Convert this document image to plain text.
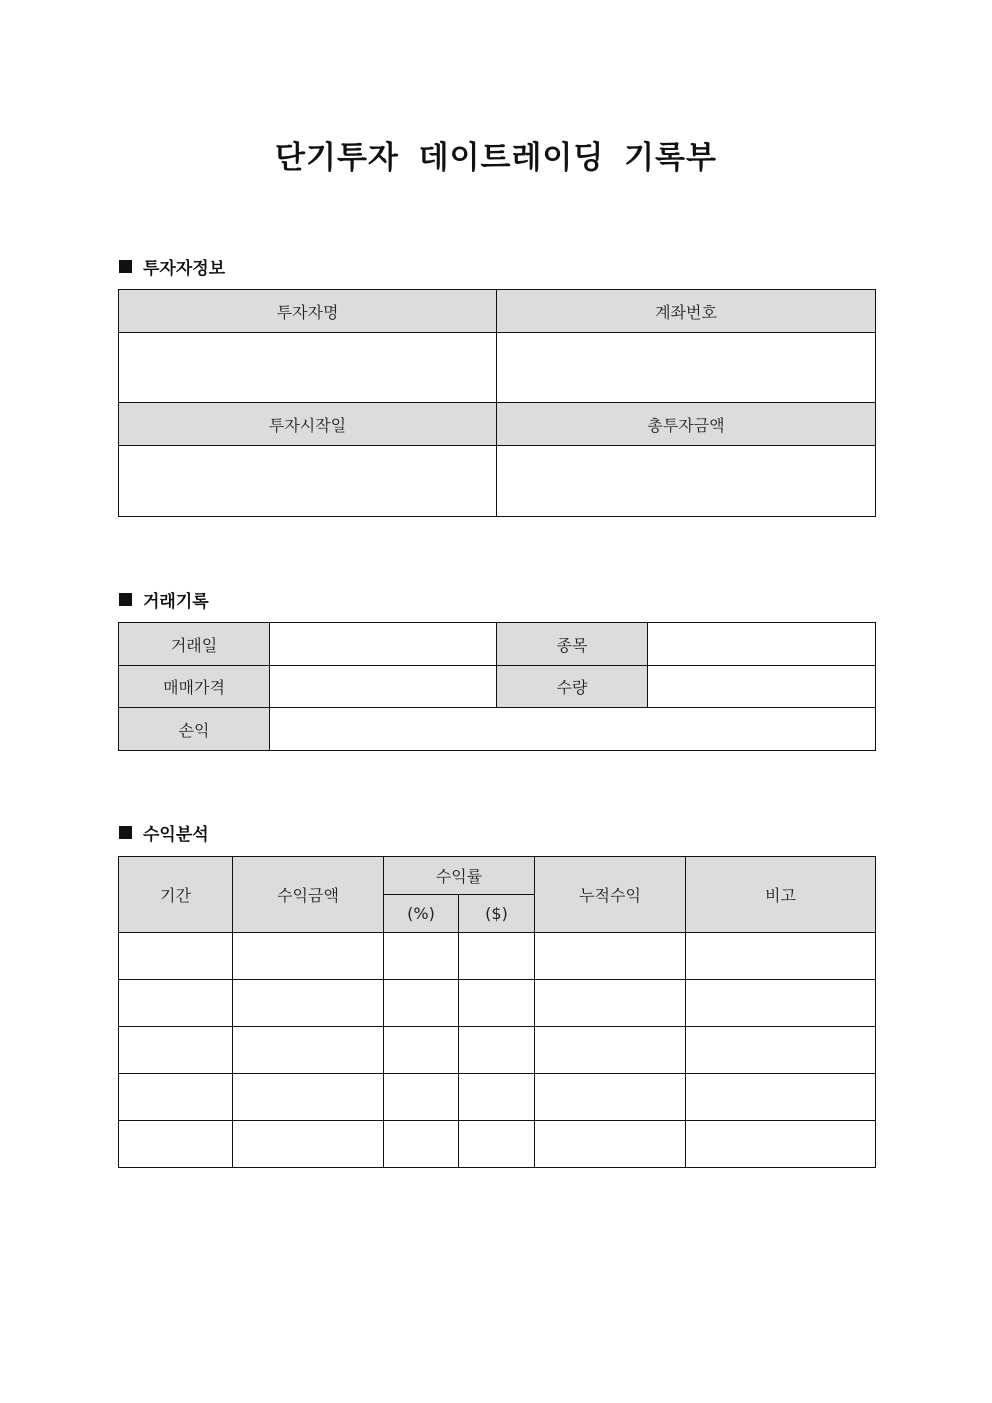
단기투자 데이트레이딩 기록부
투자자정보
투자자명	계좌번호

투자시작일	총투자금액

거래기록
거래일		종목	
매매가격		수량	
손익			
수익분석
기간	수익금액	수익률		누적수익	비고
		(%)	($)		
